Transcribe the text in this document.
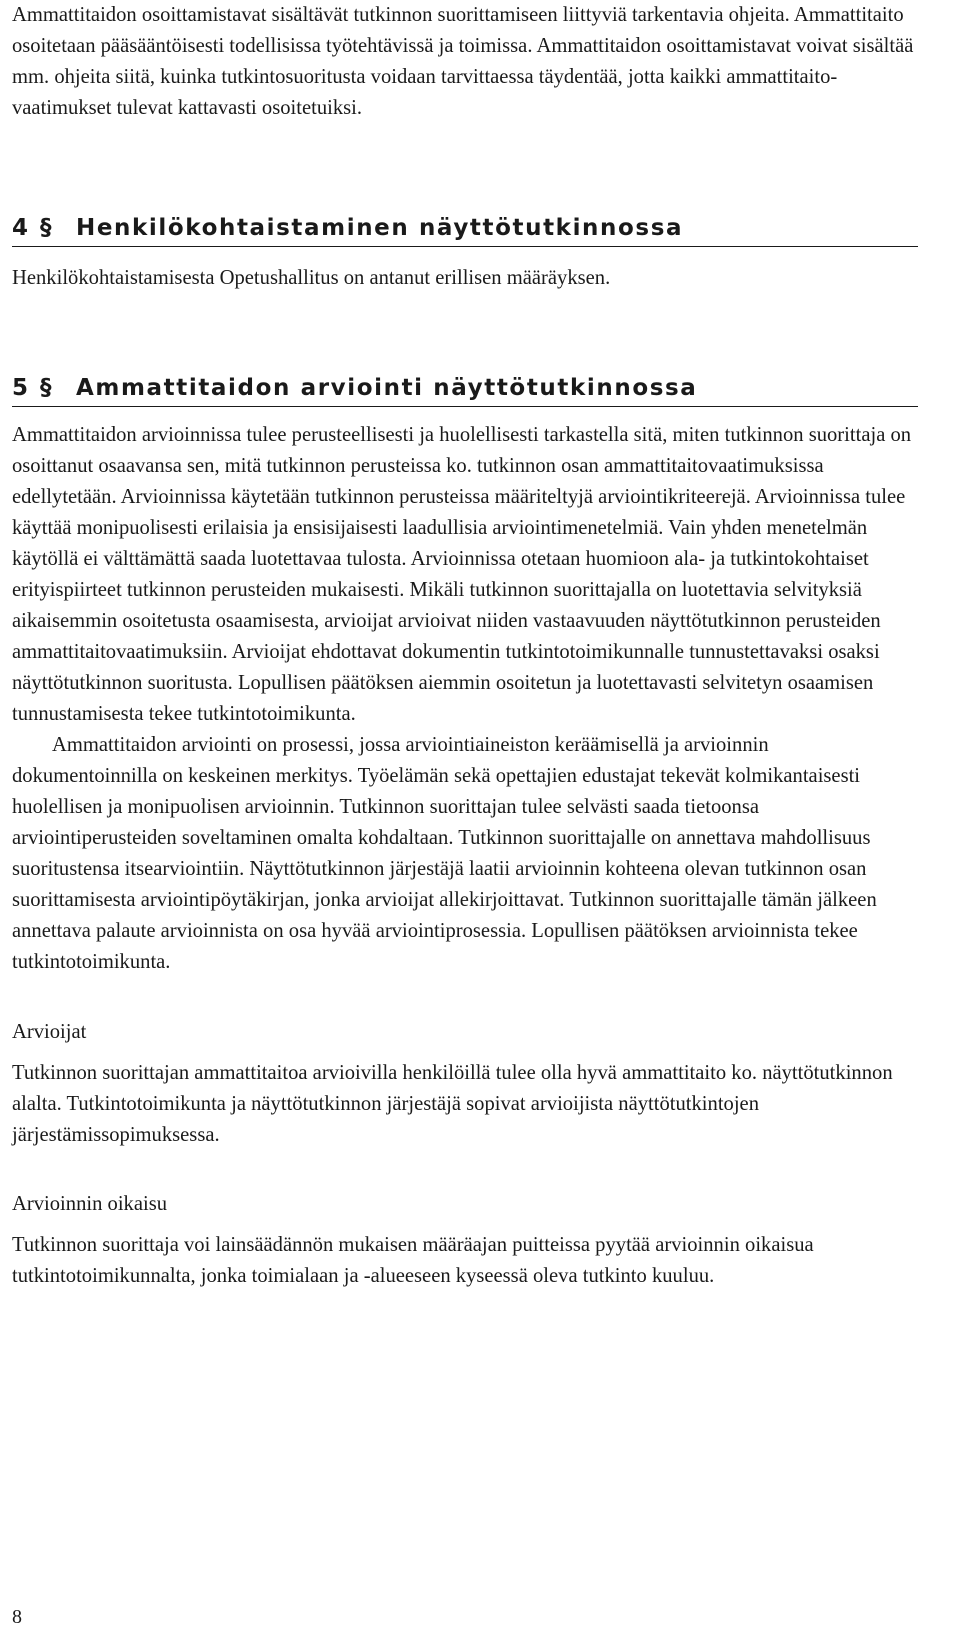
Ammattitaidon osoittamistavat sisältävät tutkinnon suorittamiseen liittyviä tarkentavia ohjeita. Ammattitaito osoitetaan pääsääntöisesti todellisissa työtehtävissä ja toimissa. Ammattitaidon osoittamistavat voivat sisältää mm. ohjeita siitä, kuinka tutkintosuoritusta voidaan tarvittaessa täydentää, jotta kaikki ammattitaitovaatimukset tulevat kattavasti osoitetuiksi.

4 § Henkilökohtaistaminen näyttötutkinnossa

Henkilökohtaistamisesta Opetushallitus on antanut erillisen määräyksen.

5 § Ammattitaidon arviointi näyttötutkinnossa

Ammattitaidon arvioinnissa tulee perusteellisesti ja huolellisesti tarkastella sitä, miten tutkinnon suorittaja on osoittanut osaavansa sen, mitä tutkinnon perusteissa ko. tutkinnon osan ammattitaitovaatimuksissa edellytetään. Arvioinnissa käytetään tutkinnon perusteissa määriteltyjä arviointikriteerejä. Arvioinnissa tulee käyttää monipuolisesti erilaisia ja ensisijaisesti laadullisia arviointimenetelmiä. Vain yhden menetelmän käytöllä ei välttämättä saada luotettavaa tulosta. Arvioinnissa otetaan huomioon ala- ja tutkintokohtaiset erityispiirteet tutkinnon perusteiden mukaisesti. Mikäli tutkinnon suorittajalla on luotettavia selvityksiä aikaisemmin osoitetusta osaamisesta, arvioijat arvioivat niiden vastaavuuden näyttötutkinnon perusteiden ammattitaitovaatimuksiin. Arvioijat ehdottavat dokumentin tutkintotoimikunnalle tunnustettavaksi osaksi näyttötutkinnon suoritusta. Lopullisen päätöksen aiemmin osoitetun ja luotettavasti selvitetyn osaamisen tunnustamisesta tekee tutkintotoimikunta.

Ammattitaidon arviointi on prosessi, jossa arviointiaineiston keräämisellä ja arvioinnin dokumentoinnilla on keskeinen merkitys. Työelämän sekä opettajien edustajat tekevät kolmikantaisesti huolellisen ja monipuolisen arvioinnin. Tutkinnon suorittajan tulee selvästi saada tietoonsa arviointiperusteiden soveltaminen omalta kohdaltaan. Tutkinnon suorittajalle on annettava mahdollisuus suoritustensa itsearviointiin. Näyttötutkinnon järjestäjä laatii arvioinnin kohteena olevan tutkinnon osan suorittamisesta arviointipöytäkirjan, jonka arvioijat allekirjoittavat. Tutkinnon suorittajalle tämän jälkeen annettava palaute arvioinnista on osa hyvää arviointiprosessia. Lopullisen päätöksen arvioinnista tekee tutkintotoimikunta.

Arvioijat

Tutkinnon suorittajan ammattitaitoa arvioivilla henkilöillä tulee olla hyvä ammattitaito ko. näyttötutkinnon alalta. Tutkintotoimikunta ja näyttötutkinnon järjestäjä sopivat arvioijista näyttötutkintojen järjestämissopimuksessa.

Arvioinnin oikaisu

Tutkinnon suorittaja voi lainsäädännön mukaisen määräajan puitteissa pyytää arvioinnin oikaisua tutkintotoimikunnalta, jonka toimialaan ja -alueeseen kyseessä oleva tutkinto kuuluu.

8
